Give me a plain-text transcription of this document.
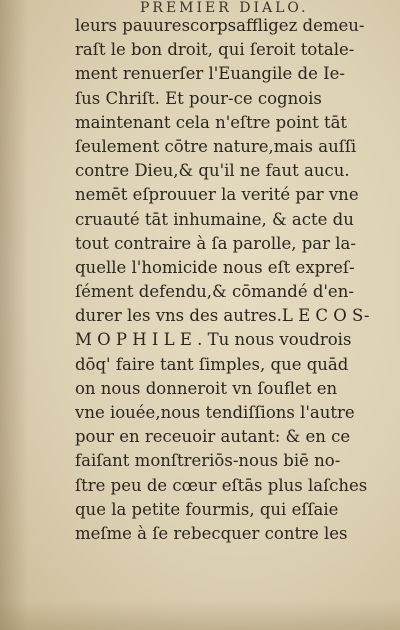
PREMIER DIALO.
leurs pauurescorpsaffligez demeu-
raſt le bon droit, qui ſeroit totale-
ment renuerſer l'Euangile de Ie-
ſus Chriſt. Et pour-ce cognois
maintenant cela n'eſtre point tāt
ſeulement cōtre nature,mais auſſi
contre Dieu,& qu'il ne faut aucu.
nemēt eſprouuer la verité par vne
cruauté tāt inhumaine, & acte du
tout contraire à ſa parolle, par la-
quelle l'homicide nous eſt expreſ-
ſément defendu,& cōmandé d'en-
durer les vns des autres.L E C O S-
M O P H I L E . Tu nous voudrois
dōq' faire tant ſimples, que quād
on nous donneroit vn ſouflet en
vne iouée,nous tendiſſions l'autre
pour en receuoir autant: & en ce
faiſant monſtreriōs-nous biē no-
ſtre peu de cœur eſtās plus laſches
que la petite fourmis, qui eſſaie
meſme à ſe rebecquer contre les
